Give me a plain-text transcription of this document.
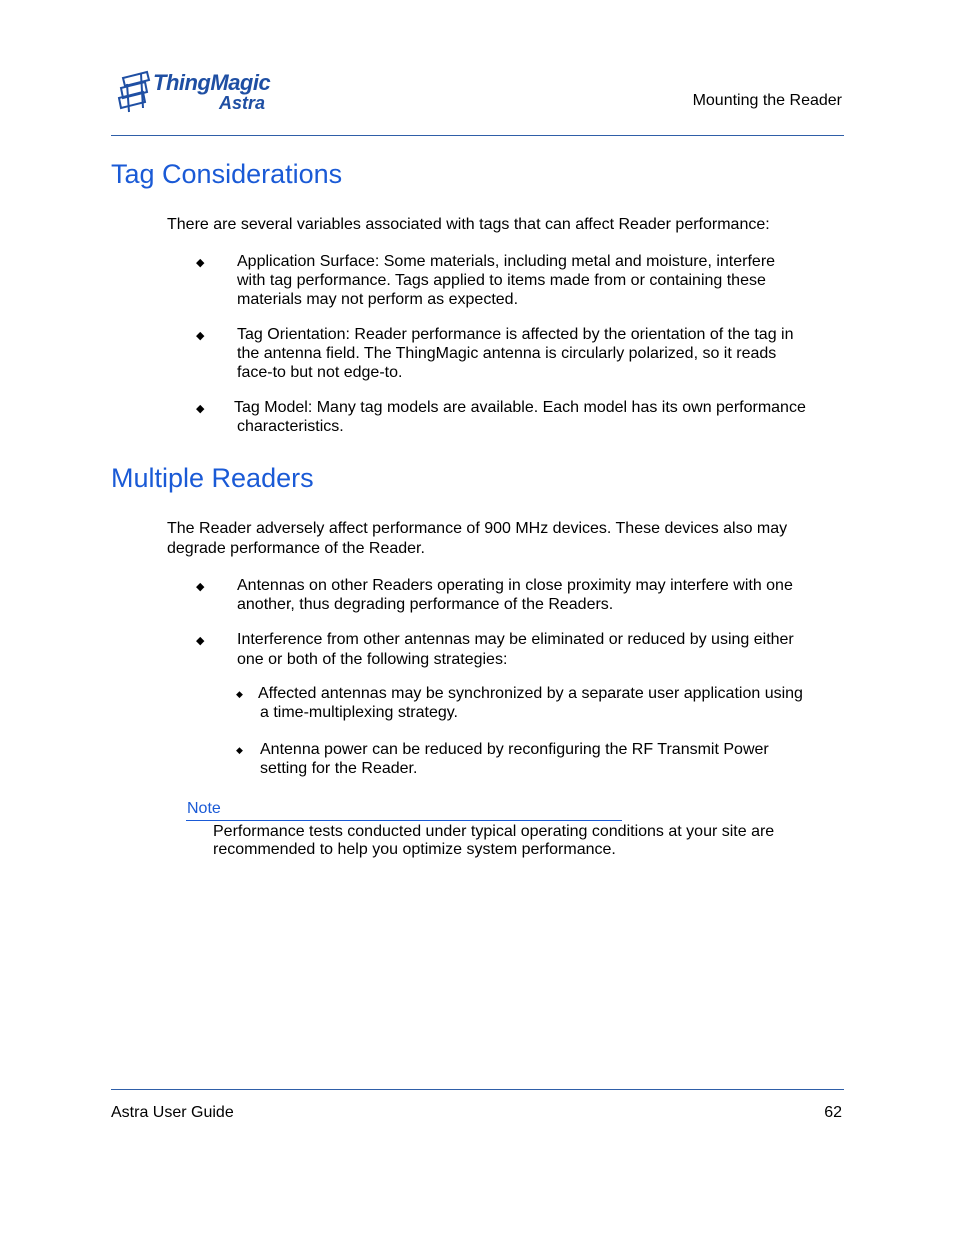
ThingMagic
Astra	Mounting the Reader
Tag Considerations
There are several variables associated with tags that can affect Reader performance:
◆ Application Surface: Some materials, including metal and moisture, interfere
with tag performance. Tags applied to items made from or containing these
materials may not perform as expected.
◆ Tag Orientation: Reader performance is affected by the orientation of the tag in
the antenna field. The ThingMagic antenna is circularly polarized, so it reads
face-to but not edge-to.
◆ Tag Model: Many tag models are available. Each model has its own performance
characteristics.
Multiple Readers
The Reader adversely affect performance of 900 MHz devices. These devices also may
degrade performance of the Reader.
◆ Antennas on other Readers operating in close proximity may interfere with one
another, thus degrading performance of the Readers.
◆ Interference from other antennas may be eliminated or reduced by using either
one or both of the following strategies:
◆ Affected antennas may be synchronized by a separate user application using
a time-multiplexing strategy.
◆ Antenna power can be reduced by reconfiguring the RF Transmit Power
setting for the Reader.
Note
Performance tests conducted under typical operating conditions at your site are
recommended to help you optimize system performance.
Astra User Guide	62
